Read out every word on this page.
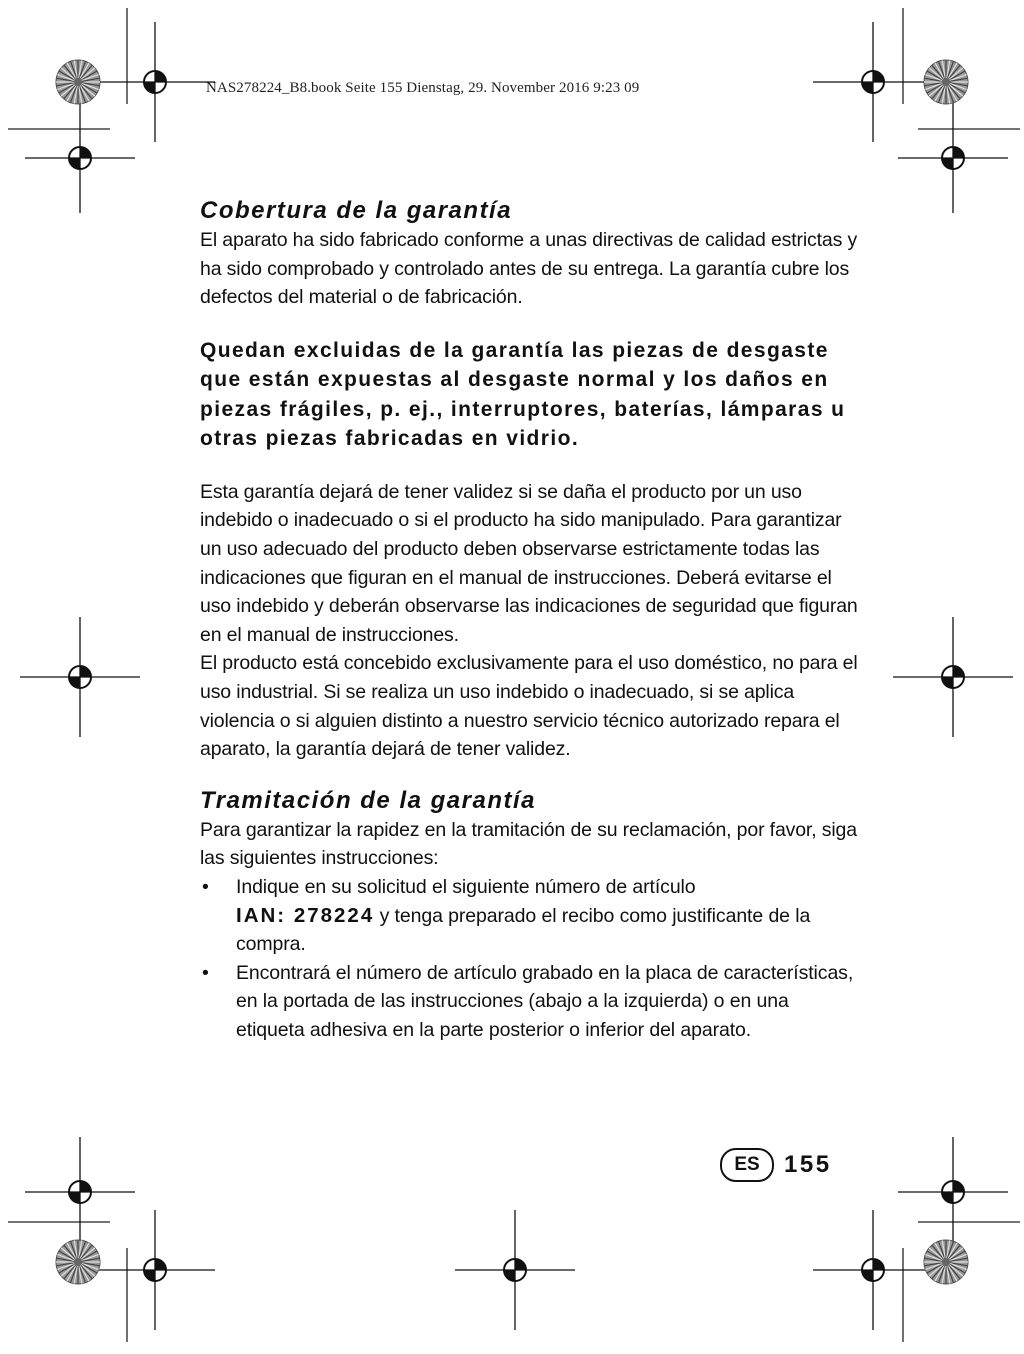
NAS278224_B8.book Seite 155 Dienstag, 29. November 2016 9:23 09
Cobertura de la garantía

El aparato ha sido fabricado conforme a unas directivas de calidad estrictas y ha sido comprobado y controlado antes de su entrega. La garantía cubre los defectos del material o de fabricación.

Quedan excluidas de la garantía las piezas de desgaste que están expuestas al desgaste normal y los daños en piezas frágiles, p. ej., interruptores, baterías, lámparas u otras piezas fabricadas en vidrio.

Esta garantía dejará de tener validez si se daña el producto por un uso indebido o inadecuado o si el producto ha sido manipulado. Para garantizar un uso adecuado del producto deben observarse estrictamente todas las indicaciones que figuran en el manual de instrucciones. Deberá evitarse el uso indebido y deberán observarse las indicaciones de seguridad que figuran en el manual de instrucciones.

El producto está concebido exclusivamente para el uso doméstico, no para el uso industrial. Si se realiza un uso indebido o inadecuado, si se aplica violencia o si alguien distinto a nuestro servicio técnico autorizado repara el aparato, la garantía dejará de tener validez.

Tramitación de la garantía

Para garantizar la rapidez en la tramitación de su reclamación, por favor, siga las siguientes instrucciones:

• Indique en su solicitud el siguiente número de artículo
IAN: 278224 y tenga preparado el recibo como justificante de la compra.
• Encontrará el número de artículo grabado en la placa de características, en la portada de las instrucciones (abajo a la izquierda) o en una etiqueta adhesiva en la parte posterior o inferior del aparato.
ES	155
